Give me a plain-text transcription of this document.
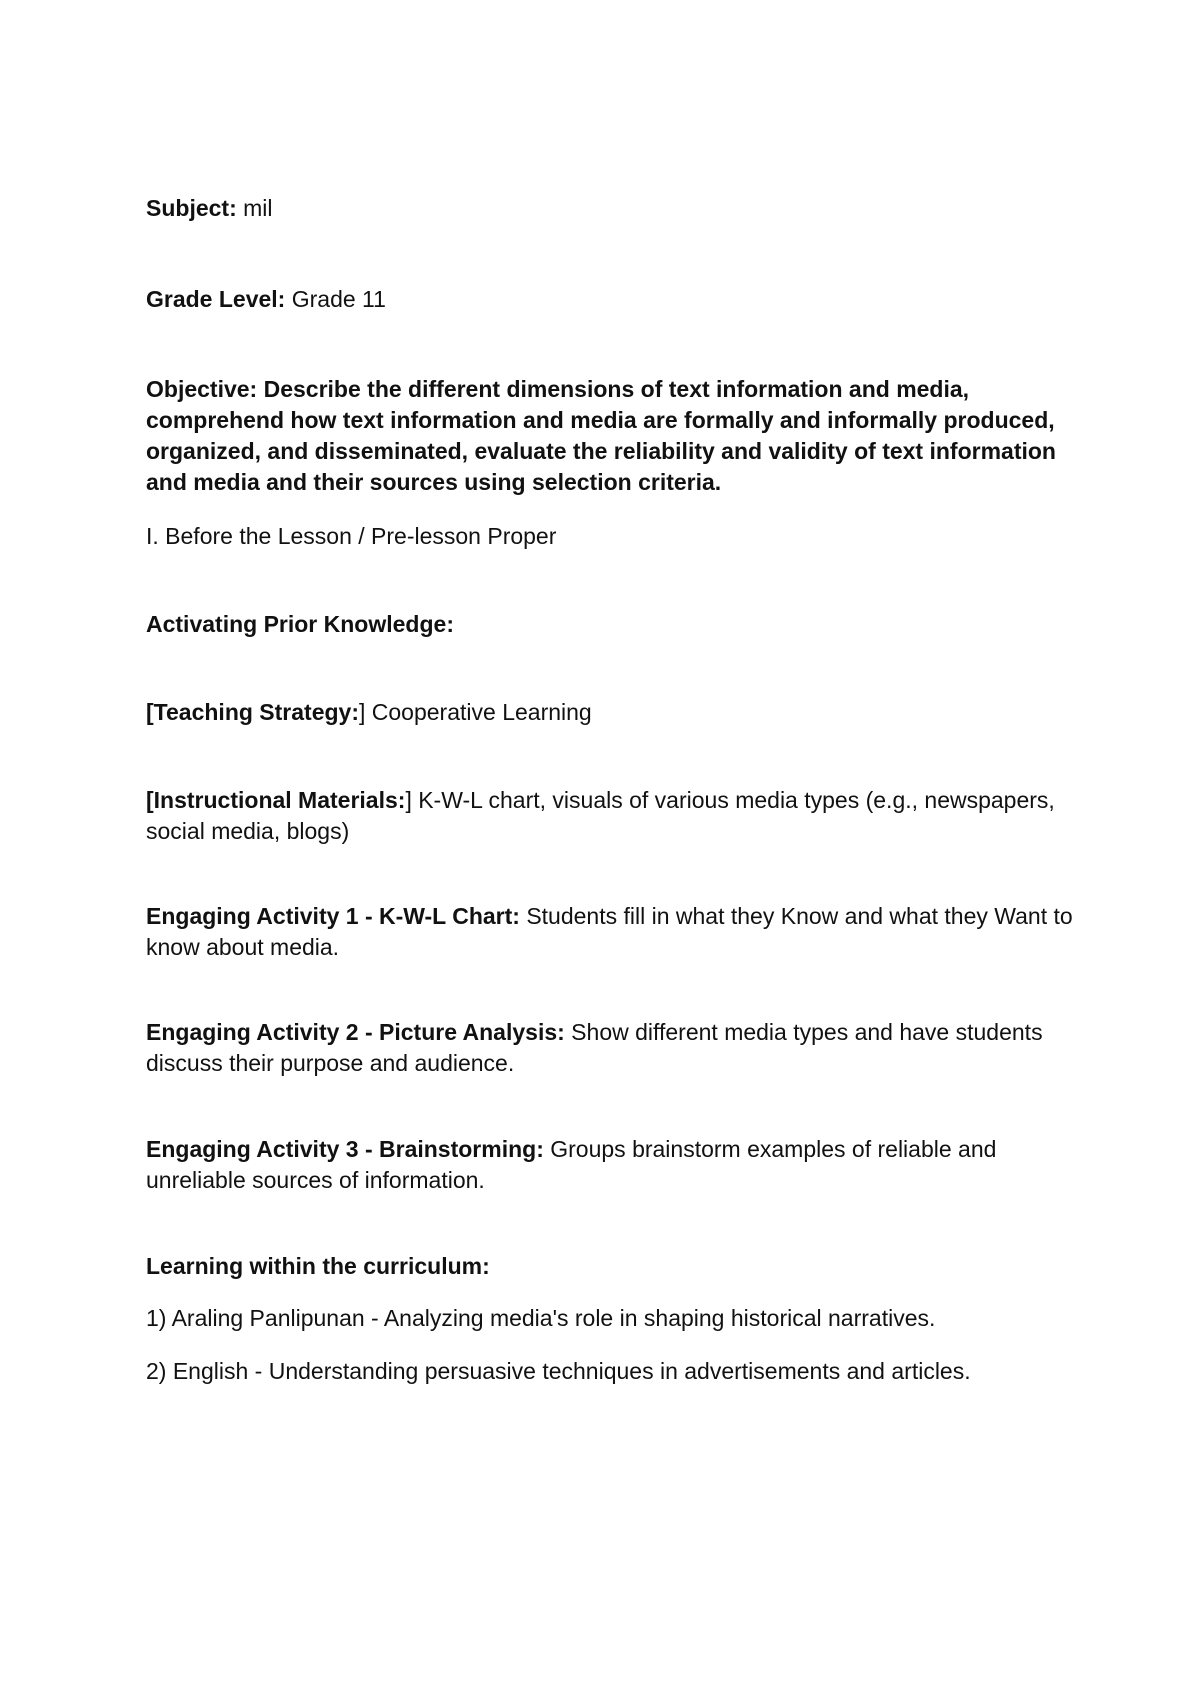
Subject: mil

Grade Level: Grade 11

Objective: Describe the different dimensions of text information and media, comprehend how text information and media are formally and informally produced, organized, and disseminated, evaluate the reliability and validity of text information and media and their sources using selection criteria.

I. Before the Lesson / Pre-lesson Proper

Activating Prior Knowledge:

[Teaching Strategy:] Cooperative Learning

[Instructional Materials:] K-W-L chart, visuals of various media types (e.g., newspapers, social media, blogs)

Engaging Activity 1 - K-W-L Chart: Students fill in what they Know and what they Want to know about media.

Engaging Activity 2 - Picture Analysis: Show different media types and have students discuss their purpose and audience.

Engaging Activity 3 - Brainstorming: Groups brainstorm examples of reliable and unreliable sources of information.

Learning within the curriculum:

1) Araling Panlipunan - Analyzing media's role in shaping historical narratives.

2) English - Understanding persuasive techniques in advertisements and articles.
